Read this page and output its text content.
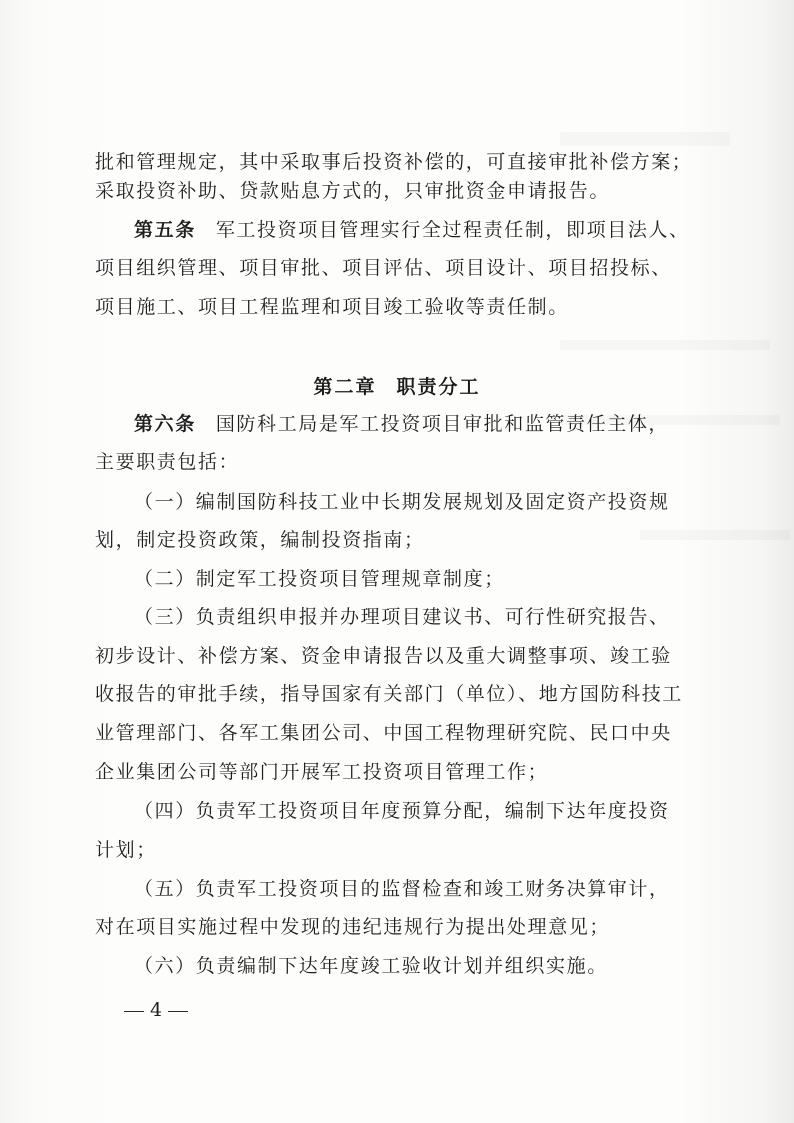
批和管理规定，其中采取事后投资补偿的，可直接审批补偿方案；

采取投资补助、贷款贴息方式的，只审批资金申请报告。

第五条 军工投资项目管理实行全过程责任制，即项目法人、

项目组织管理、项目审批、项目评估、项目设计、项目招投标、

项目施工、项目工程监理和项目竣工验收等责任制。

第二章 职责分工

第六条 国防科工局是军工投资项目审批和监管责任主体，

主要职责包括：

（一）编制国防科技工业中长期发展规划及固定资产投资规

划，制定投资政策，编制投资指南；

（二）制定军工投资项目管理规章制度；

（三）负责组织申报并办理项目建议书、可行性研究报告、

初步设计、补偿方案、资金申请报告以及重大调整事项、竣工验

收报告的审批手续，指导国家有关部门（单位）、地方国防科技工

业管理部门、各军工集团公司、中国工程物理研究院、民口中央

企业集团公司等部门开展军工投资项目管理工作；

（四）负责军工投资项目年度预算分配，编制下达年度投资

计划；

（五）负责军工投资项目的监督检查和竣工财务决算审计，

对在项目实施过程中发现的违纪违规行为提出处理意见；

（六）负责编制下达年度竣工验收计划并组织实施。

4
